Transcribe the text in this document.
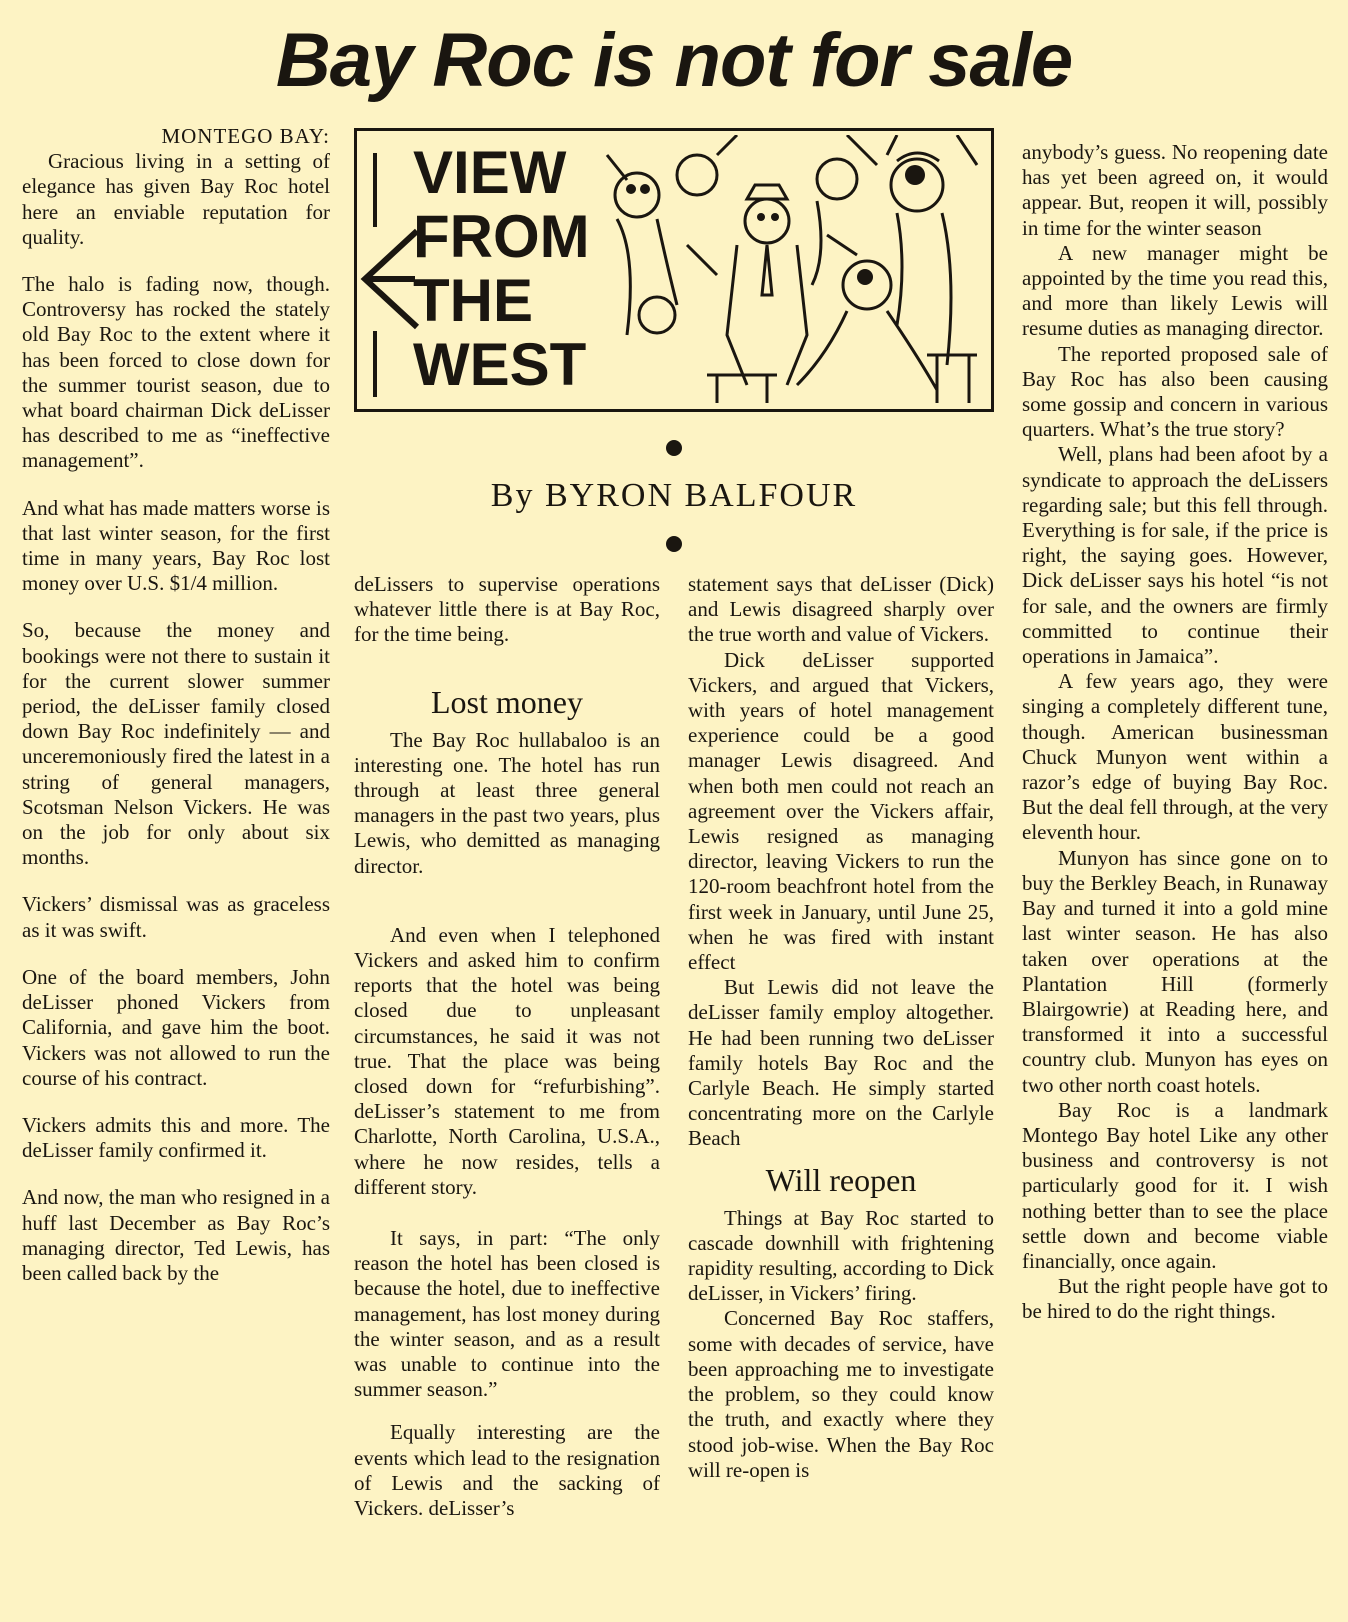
Bay Roc is not for sale

MONTEGO BAY:
Gracious living in a setting of elegance has given Bay Roc hotel here an enviable reputation for quality.

The halo is fading now, though. Controversy has rocked the stately old Bay Roc to the extent where it has been forced to close down for the summer tourist season, due to what board chairman Dick deLisser has described to me as “ineffective management”.

And what has made matters worse is that last winter season, for the first time in many years, Bay Roc lost money over U.S. $1/4 million.

So, because the money and bookings were not there to sustain it for the current slower summer period, the deLisser family closed down Bay Roc indefinitely — and unceremoniously fired the latest in a string of general managers, Scotsman Nelson Vickers. He was on the job for only about six months.

Vickers’ dismissal was as graceless as it was swift.

One of the board members, John deLisser phoned Vickers from California, and gave him the boot. Vickers was not allowed to run the course of his contract.

Vickers admits this and more. The deLisser family confirmed it.

And now, the man who resigned in a huff last December as Bay Roc’s managing director, Ted Lewis, has been called back by the

VIEW
FROM
THE
WEST
By BYRON BALFOUR

deLissers to supervise operations whatever little there is at Bay Roc, for the time being.

Lost money

The Bay Roc hullabaloo is an interesting one. The hotel has run through at least three general managers in the past two years, plus Lewis, who demitted as managing director.

And even when I telephoned Vickers and asked him to confirm reports that the hotel was being closed due to unpleasant circumstances, he said it was not true. That the place was being closed down for “refurbishing”. deLisser’s statement to me from Charlotte, North Carolina, U.S.A., where he now resides, tells a different story.

It says, in part: “The only reason the hotel has been closed is because the hotel, due to ineffective management, has lost money during the winter season, and as a result was unable to continue into the summer season.”

Equally interesting are the events which lead to the resignation of Lewis and the sacking of Vickers. deLisser’s

statement says that deLisser (Dick) and Lewis disagreed sharply over the true worth and value of Vickers.

Dick deLisser supported Vickers, and argued that Vickers, with years of hotel management experience could be a good manager Lewis disagreed. And when both men could not reach an agreement over the Vickers affair, Lewis resigned as managing director, leaving Vickers to run the 120-room beachfront hotel from the first week in January, until June 25, when he was fired with instant effect

But Lewis did not leave the deLisser family employ altogether. He had been running two deLisser family hotels Bay Roc and the Carlyle Beach. He simply started concentrating more on the Carlyle Beach

Will reopen

Things at Bay Roc started to cascade downhill with frightening rapidity resulting, according to Dick deLisser, in Vickers’ firing.

Concerned Bay Roc staffers, some with decades of service, have been approaching me to investigate the problem, so they could know the truth, and exactly where they stood job-wise. When the Bay Roc will re-open is

anybody’s guess. No reopening date has yet been agreed on, it would appear. But, reopen it will, possibly in time for the winter season

A new manager might be appointed by the time you read this, and more than likely Lewis will resume duties as managing director.

The reported proposed sale of Bay Roc has also been causing some gossip and concern in various quarters. What’s the true story?

Well, plans had been afoot by a syndicate to approach the deLissers regarding sale; but this fell through. Everything is for sale, if the price is right, the saying goes. However, Dick deLisser says his hotel “is not for sale, and the owners are firmly committed to continue their operations in Jamaica”.

A few years ago, they were singing a completely different tune, though. American businessman Chuck Munyon went within a razor’s edge of buying Bay Roc. But the deal fell through, at the very eleventh hour.

Munyon has since gone on to buy the Berkley Beach, in Runaway Bay and turned it into a gold mine last winter season. He has also taken over operations at the Plantation Hill (formerly Blairgowrie) at Reading here, and transformed it into a successful country club. Munyon has eyes on two other north coast hotels.

Bay Roc is a landmark Montego Bay hotel Like any other business and controversy is not particularly good for it. I wish nothing better than to see the place settle down and become viable financially, once again.

But the right people have got to be hired to do the right things.
